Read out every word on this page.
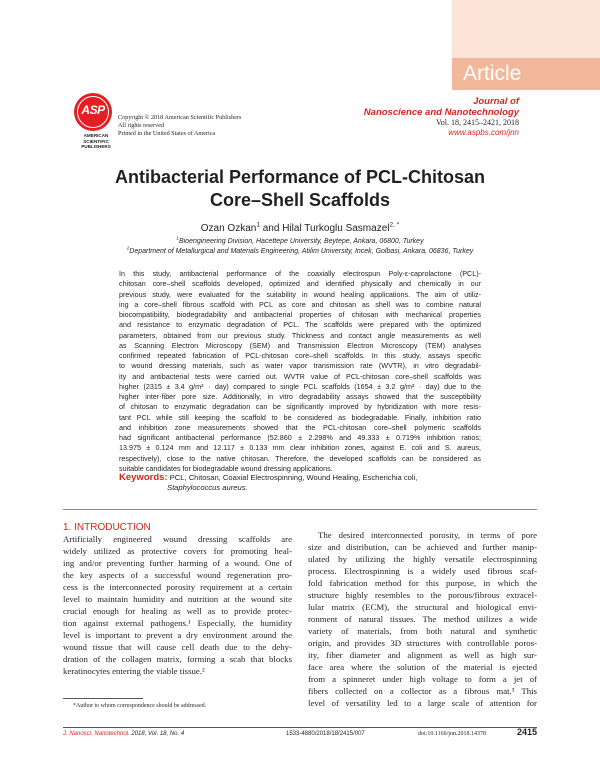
Article
ASP
AMERICAN
SCIENTIFIC
PUBLISHERS
Copyright © 2018 American Scientific Publishers
All rights reserved
Printed in the United States of America
Journal of
Nanoscience and Nanotechnology
Vol. 18, 2415–2421, 2018
www.aspbs.com/jnn
Antibacterial Performance of PCL-Chitosan
Core–Shell Scaffolds
Ozan Ozkan$^1$ and Hilal Turkoglu Sasmazel$^{2, *}$
$^1$Bioengineering Division, Hacettepe University, Beytepe, Ankara, 06800, Turkey
$^2$Department of Metallurgical and Materials Engineering, Atilim University, Incek, Golbasi, Ankara, 06836, Turkey
In this study, antibacterial performance of the coaxially electrospun Poly-ε-caprolactone (PCL)-
chitosan core–shell scaffolds developed, optimized and identified physically and chemically in our
previous study, were evaluated for the suitability in wound healing applications. The aim of utiliz-
ing a core–shell fibrous scaffold with PCL as core and chitosan as shell was to combine natural
biocompatibility, biodegradability and antibacterial properties of chitosan with mechanical properties
and resistance to enzymatic degradation of PCL. The scaffolds were prepared with the optimized
parameters, obtained from our previous study. Thickness and contact angle measurements as well
as Scanning Electron Microscopy (SEM) and Transmission Electron Microscopy (TEM) analyses
confirmed repeated fabrication of PCL-chitosan core–shell scaffolds. In this study, assays specific
to wound dressing materials, such as water vapor transmission rate (WVTR), in vitro degradabil-
ity and antibacterial tests were carried out. WVTR value of PCL-chitosan core–shell scaffolds was
higher (2315 ± 3.4 g/m² · day) compared to single PCL scaffolds (1654 ± 3.2 g/m² · day) due to the
higher inter-fiber pore size. Additionally, in vitro degradability assays showed that the susceptibility
of chitosan to enzymatic degradation can be significantly improved by hybridization with more resis-
tant PCL while still keeping the scaffold to be considered as biodegradable. Finally, inhibition ratio
and inhibition zone measurements showed that the PCL-chitosan core–shell polymeric scaffolds
had significant antibacterial performance (52.860 ± 2.298% and 49.333 ± 0.719% inhibition ratios;
13.975 ± 0.124 mm and 12.117 ± 0.133 mm clear inhibition zones, against E. coli and S. aureus,
respectively), close to the native chitosan. Therefore, the developed scaffolds can be considered as
suitable candidates for biodegradable wound dressing applications.
Keywords: PCL, Chitosan, Coaxial Electrospinning, Wound Healing, Escherichia coli,
Staphylococcus aureus.
1. INTRODUCTION
Artificially engineered wound dressing scaffolds are
widely utilized as protective covers for promoting heal-
ing and/or preventing further harming of a wound. One of
the key aspects of a successful wound regeneration pro-
cess is the interconnected porosity requirement at a certain
level to maintain humidity and nutrition at the wound site
crucial enough for healing as well as to provide protec-
tion against external pathogens.¹ Especially, the humidity
level is important to prevent a dry environment around the
wound tissue that will cause cell death due to the dehy-
dration of the collagen matrix, forming a scab that blocks
keratinocytes entering the viable tissue.²
The desired interconnected porosity, in terms of pore
size and distribution, can be achieved and further manip-
ulated by utilizing the highly versatile electrospinning
process. Electrospinning is a widely used fibrous scaf-
fold fabrication method for this purpose, in which the
structure highly resembles to the porous/fibrous extracel-
lular matrix (ECM), the structural and biological envi-
ronment of natural tissues. The method utilizes a wide
variety of materials, from both natural and synthetic
origin, and provides 3D structures with controllable poros-
ity, fiber diameter and alignment as well as high sur-
face area where the solution of the material is ejected
from a spinneret under high voltage to form a jet of
fibers collected on a collector as a fibrous mat.³ This
level of versatility led to a large scale of attention for
*Author to whom correspondence should be addressed.
J. Nanosci. Nanotechnol. 2018, Vol. 18, No. 4	1533-4880/2018/18/2415/007	doi:10.1166/jnn.2018.14378	2415
